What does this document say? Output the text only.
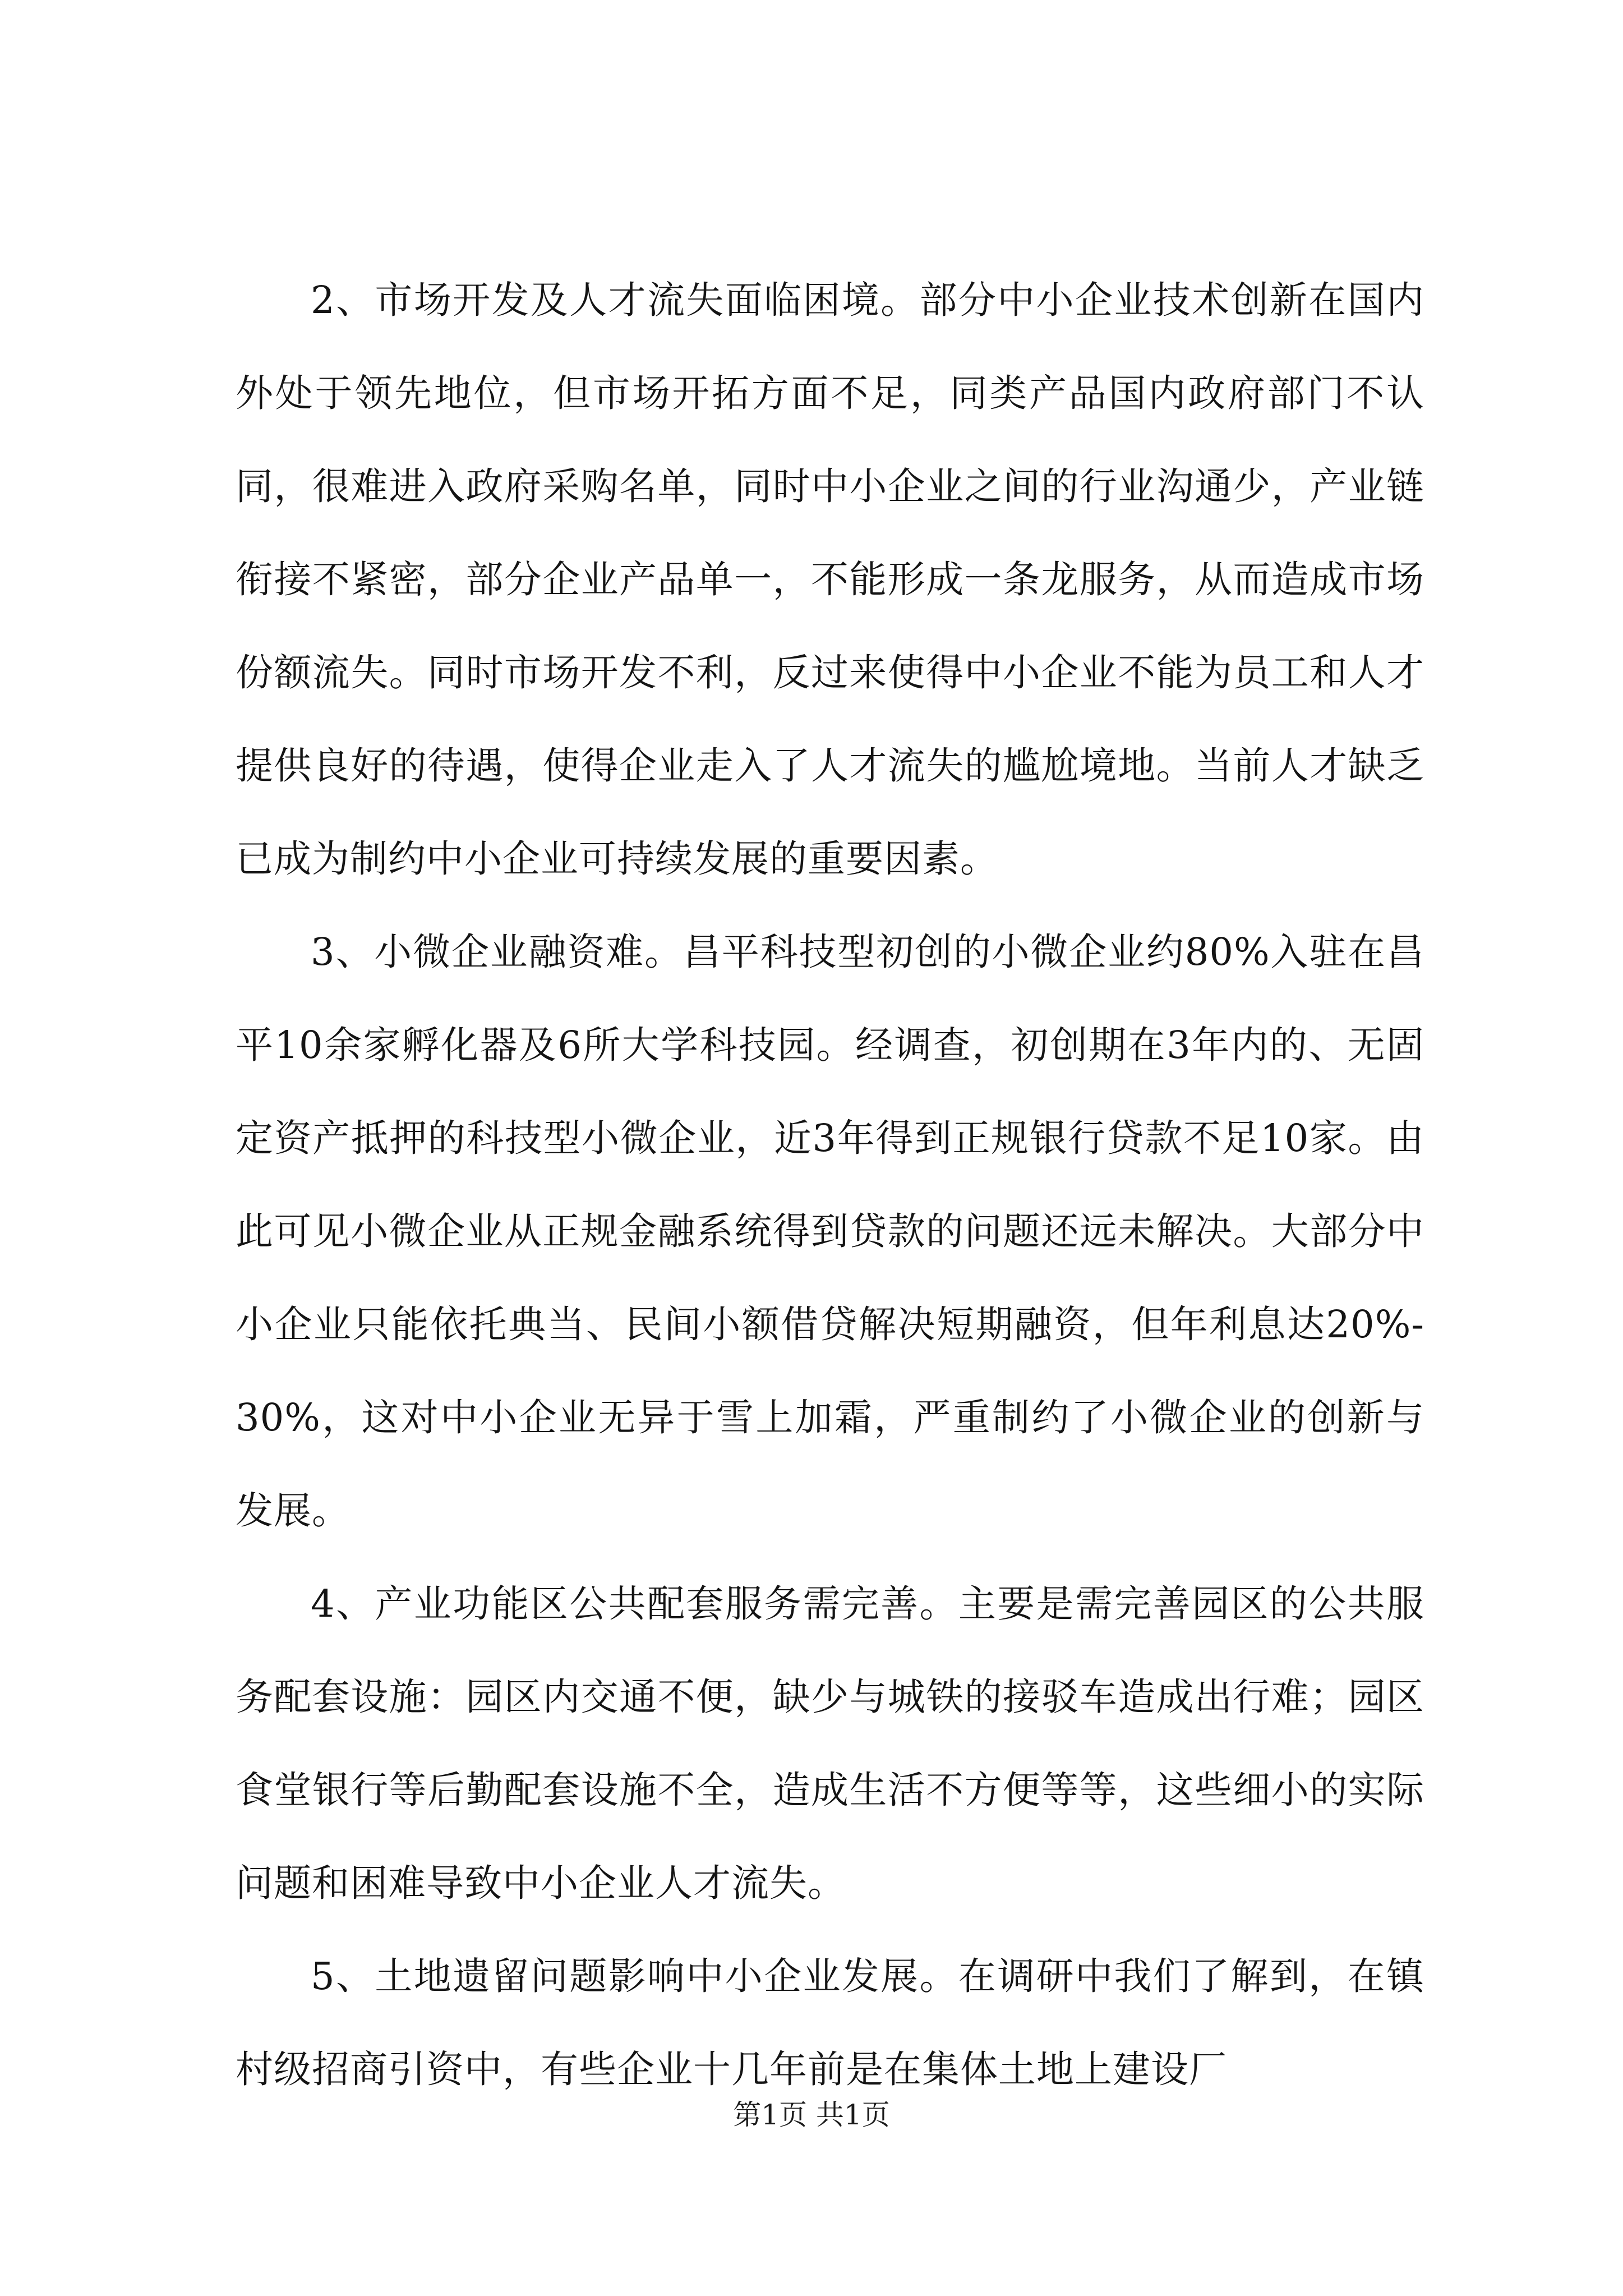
2、市场开发及人才流失面临困境。部分中小企业技术创新在国内外处于领先地位，但市场开拓方面不足，同类产品国内政府部门不认同，很难进入政府采购名单，同时中小企业之间的行业沟通少，产业链衔接不紧密，部分企业产品单一，不能形成一条龙服务，从而造成市场份额流失。同时市场开发不利，反过来使得中小企业不能为员工和人才提供良好的待遇，使得企业走入了人才流失的尴尬境地。当前人才缺乏已成为制约中小企业可持续发展的重要因素。

3、小微企业融资难。昌平科技型初创的小微企业约80%入驻在昌平10余家孵化器及6所大学科技园。经调查，初创期在3年内的、无固定资产抵押的科技型小微企业，近3年得到正规银行贷款不足10家。由此可见小微企业从正规金融系统得到贷款的问题还远未解决。大部分中小企业只能依托典当、民间小额借贷解决短期融资，但年利息达20%-30%，这对中小企业无异于雪上加霜，严重制约了小微企业的创新与发展。

4、产业功能区公共配套服务需完善。主要是需完善园区的公共服务配套设施：园区内交通不便，缺少与城铁的接驳车造成出行难；园区食堂银行等后勤配套设施不全，造成生活不方便等等，这些细小的实际问题和困难导致中小企业人才流失。

5、土地遗留问题影响中小企业发展。在调研中我们了解到，在镇村级招商引资中，有些企业十几年前是在集体土地上建设厂

第1页 共1页
